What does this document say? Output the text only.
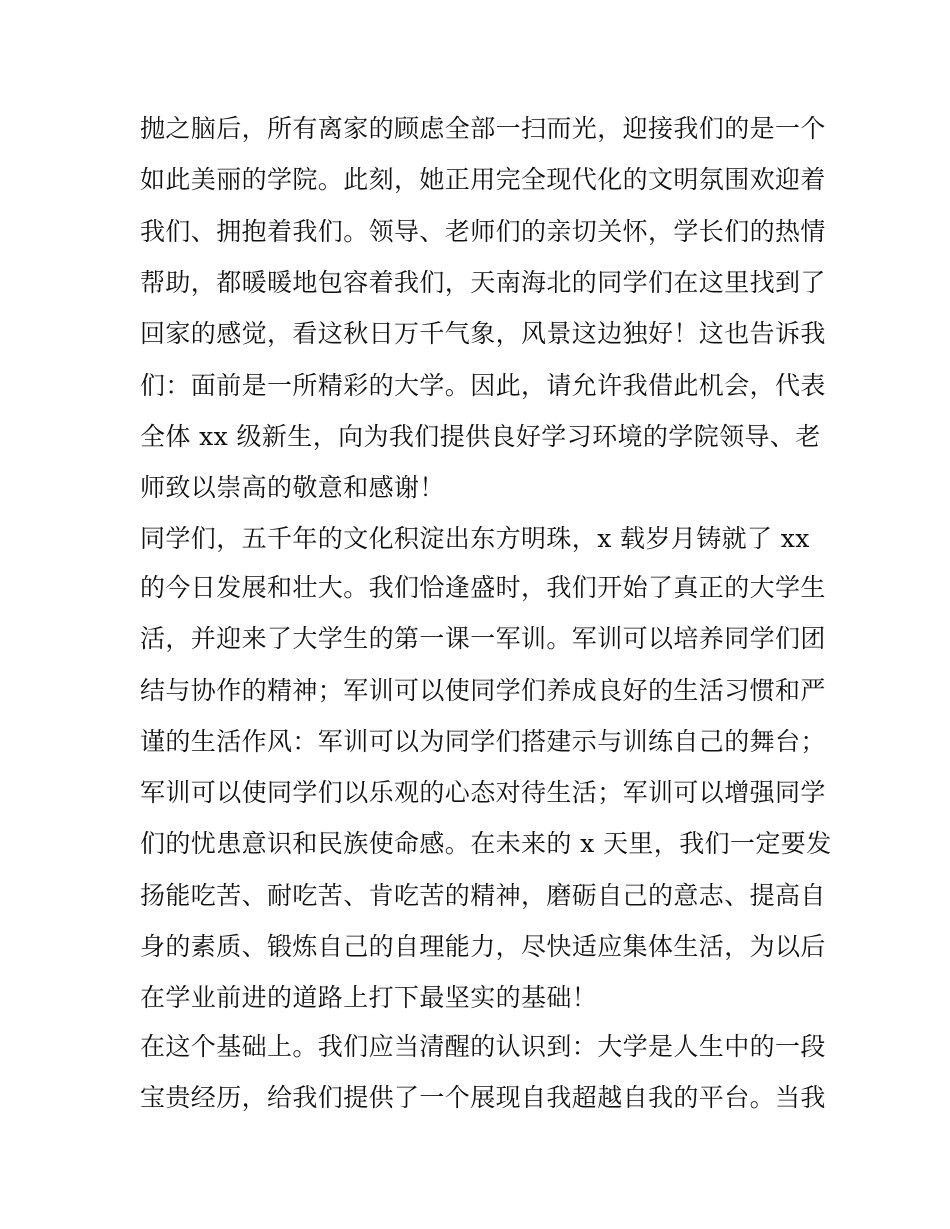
抛之脑后，所有离家的顾虑全部一扫而光，迎接我们的是一个
如此美丽的学院。此刻，她正用完全现代化的文明氛围欢迎着
我们、拥抱着我们。领导、老师们的亲切关怀，学长们的热情
帮助，都暖暖地包容着我们，天南海北的同学们在这里找到了
回家的感觉，看这秋日万千气象，风景这边独好！这也告诉我
们：面前是一所精彩的大学。因此，请允许我借此机会，代表
全体 xx 级新生，向为我们提供良好学习环境的学院领导、老
师致以崇高的敬意和感谢！
同学们，五千年的文化积淀出东方明珠，x 载岁月铸就了 xx
的今日发展和壮大。我们恰逢盛时，我们开始了真正的大学生
活，并迎来了大学生的第一课一军训。军训可以培养同学们团
结与协作的精神；军训可以使同学们养成良好的生活习惯和严
谨的生活作风：军训可以为同学们搭建示与训练自己的舞台；
军训可以使同学们以乐观的心态对待生活；军训可以增强同学
们的忧患意识和民族使命感。在未来的 x 天里，我们一定要发
扬能吃苦、耐吃苦、肯吃苦的精神，磨砺自己的意志、提高自
身的素质、锻炼自己的自理能力，尽快适应集体生活，为以后
在学业前进的道路上打下最坚实的基础！
在这个基础上。我们应当清醒的认识到：大学是人生中的一段
宝贵经历，给我们提供了一个展现自我超越自我的平台。当我
